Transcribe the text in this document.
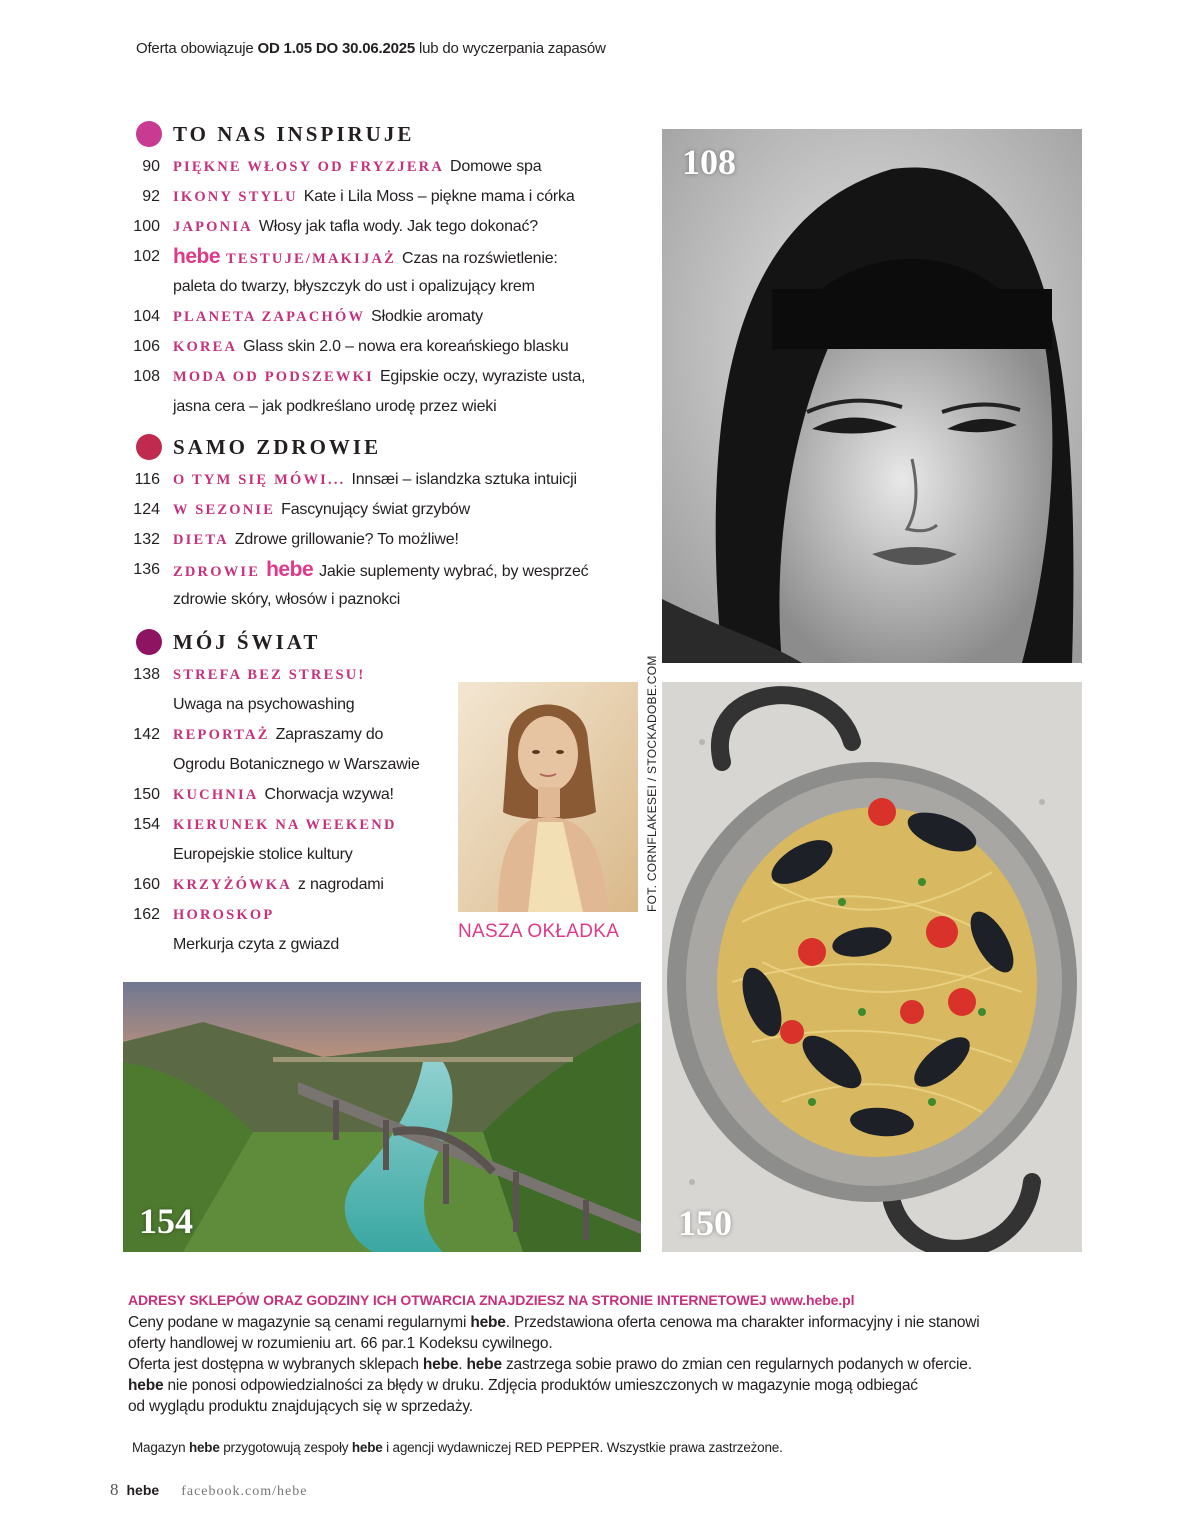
Oferta obowiązuje OD 1.05 DO 30.06.2025 lub do wyczerpania zapasów
TO NAS INSPIRUJE
90 PIĘKNE WŁOSY OD FRYZJERA Domowe spa
92 IKONY STYLU Kate i Lila Moss – piękne mama i córka
100 JAPONIA Włosy jak tafla wody. Jak tego dokonać?
102 hebe TESTUJE/MAKIJAŻ Czas na rozświetlenie:
paleta do twarzy, błyszczyk do ust i opalizujący krem
104 PLANETA ZAPACHÓW Słodkie aromaty
106 KOREA Glass skin 2.0 – nowa era koreańskiego blasku
108 MODA OD PODSZEWKI Egipskie oczy, wyraziste usta,
jasna cera – jak podkreślano urodę przez wieki
SAMO ZDROWIE
116 O TYM SIĘ MÓWI... Innsæi – islandzka sztuka intuicji
124 W SEZONIE Fascynujący świat grzybów
132 DIETA Zdrowe grillowanie? To możliwe!
136 ZDROWIE hebe Jakie suplementy wybrać, by wesprzeć
zdrowie skóry, włosów i paznokci
MÓJ ŚWIAT
138 STREFA BEZ STRESU!
Uwaga na psychowashing
142 REPORTAŻ Zapraszamy do
Ogrodu Botanicznego w Warszawie
150 KUCHNIA Chorwacja wzywa!
154 KIERUNEK NA WEEKEND
Europejskie stolice kultury
160 KRZYŻÓWKA z nagrodami
162 HOROSKOP
Merkurja czyta z gwiazd
108
FOT. CORNFLAKESEI / STOCKADOBE.COM
NASZA OKŁADKA
150
154
ADRESY SKLEPÓW ORAZ GODZINY ICH OTWARCIA ZNAJDZIESZ NA STRONIE INTERNETOWEJ www.hebe.pl
Ceny podane w magazynie są cenami regularnymi hebe. Przedstawiona oferta cenowa ma charakter informacyjny i nie stanowi
oferty handlowej w rozumieniu art. 66 par.1 Kodeksu cywilnego.
Oferta jest dostępna w wybranych sklepach hebe. hebe zastrzega sobie prawo do zmian cen regularnych podanych w ofercie.
hebe nie ponosi odpowiedzialności za błędy w druku. Zdjęcia produktów umieszczonych w magazynie mogą odbiegać
od wyglądu produktu znajdujących się w sprzedaży.
Magazyn hebe przygotowują zespoły hebe i agencji wydawniczej RED PEPPER. Wszystkie prawa zastrzeżone.
8 hebe facebook.com/hebe
